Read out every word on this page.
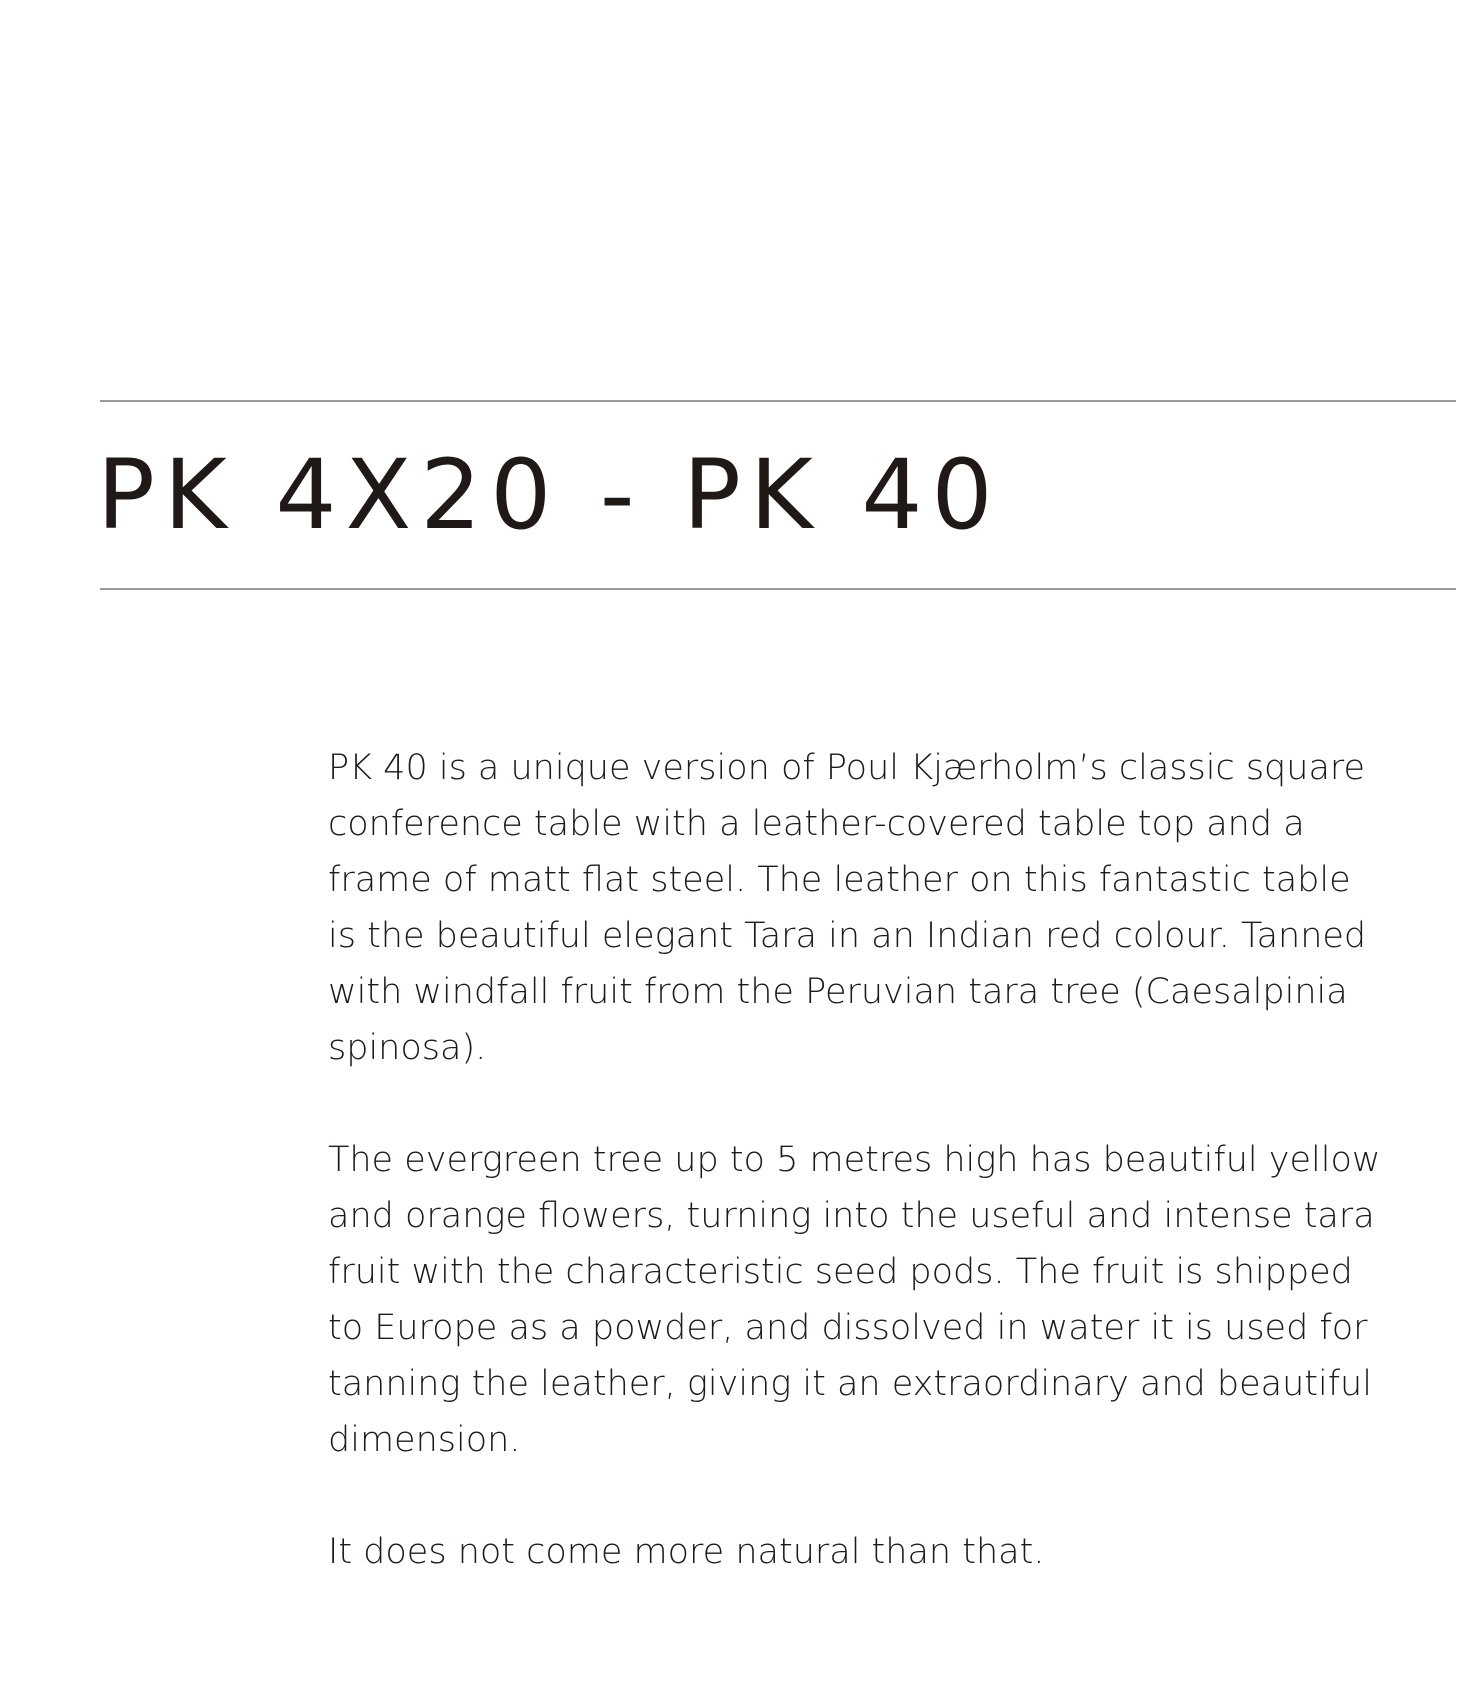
PK 4X20 - PK 40

PK 40 is a unique version of Poul Kjærholm’s classic square conference table with a leather-covered table top and a frame of matt flat steel. The leather on this fantastic table is the beautiful elegant Tara in an Indian red colour. Tanned with windfall fruit from the Peruvian tara tree (Caesalpinia spinosa).

The evergreen tree up to 5 metres high has beautiful yellow and orange flowers, turning into the useful and intense tara fruit with the characteristic seed pods. The fruit is shipped to Europe as a powder, and dissolved in water it is used for tanning the leather, giving it an extraordinary and beautiful dimension.

It does not come more natural than that.
